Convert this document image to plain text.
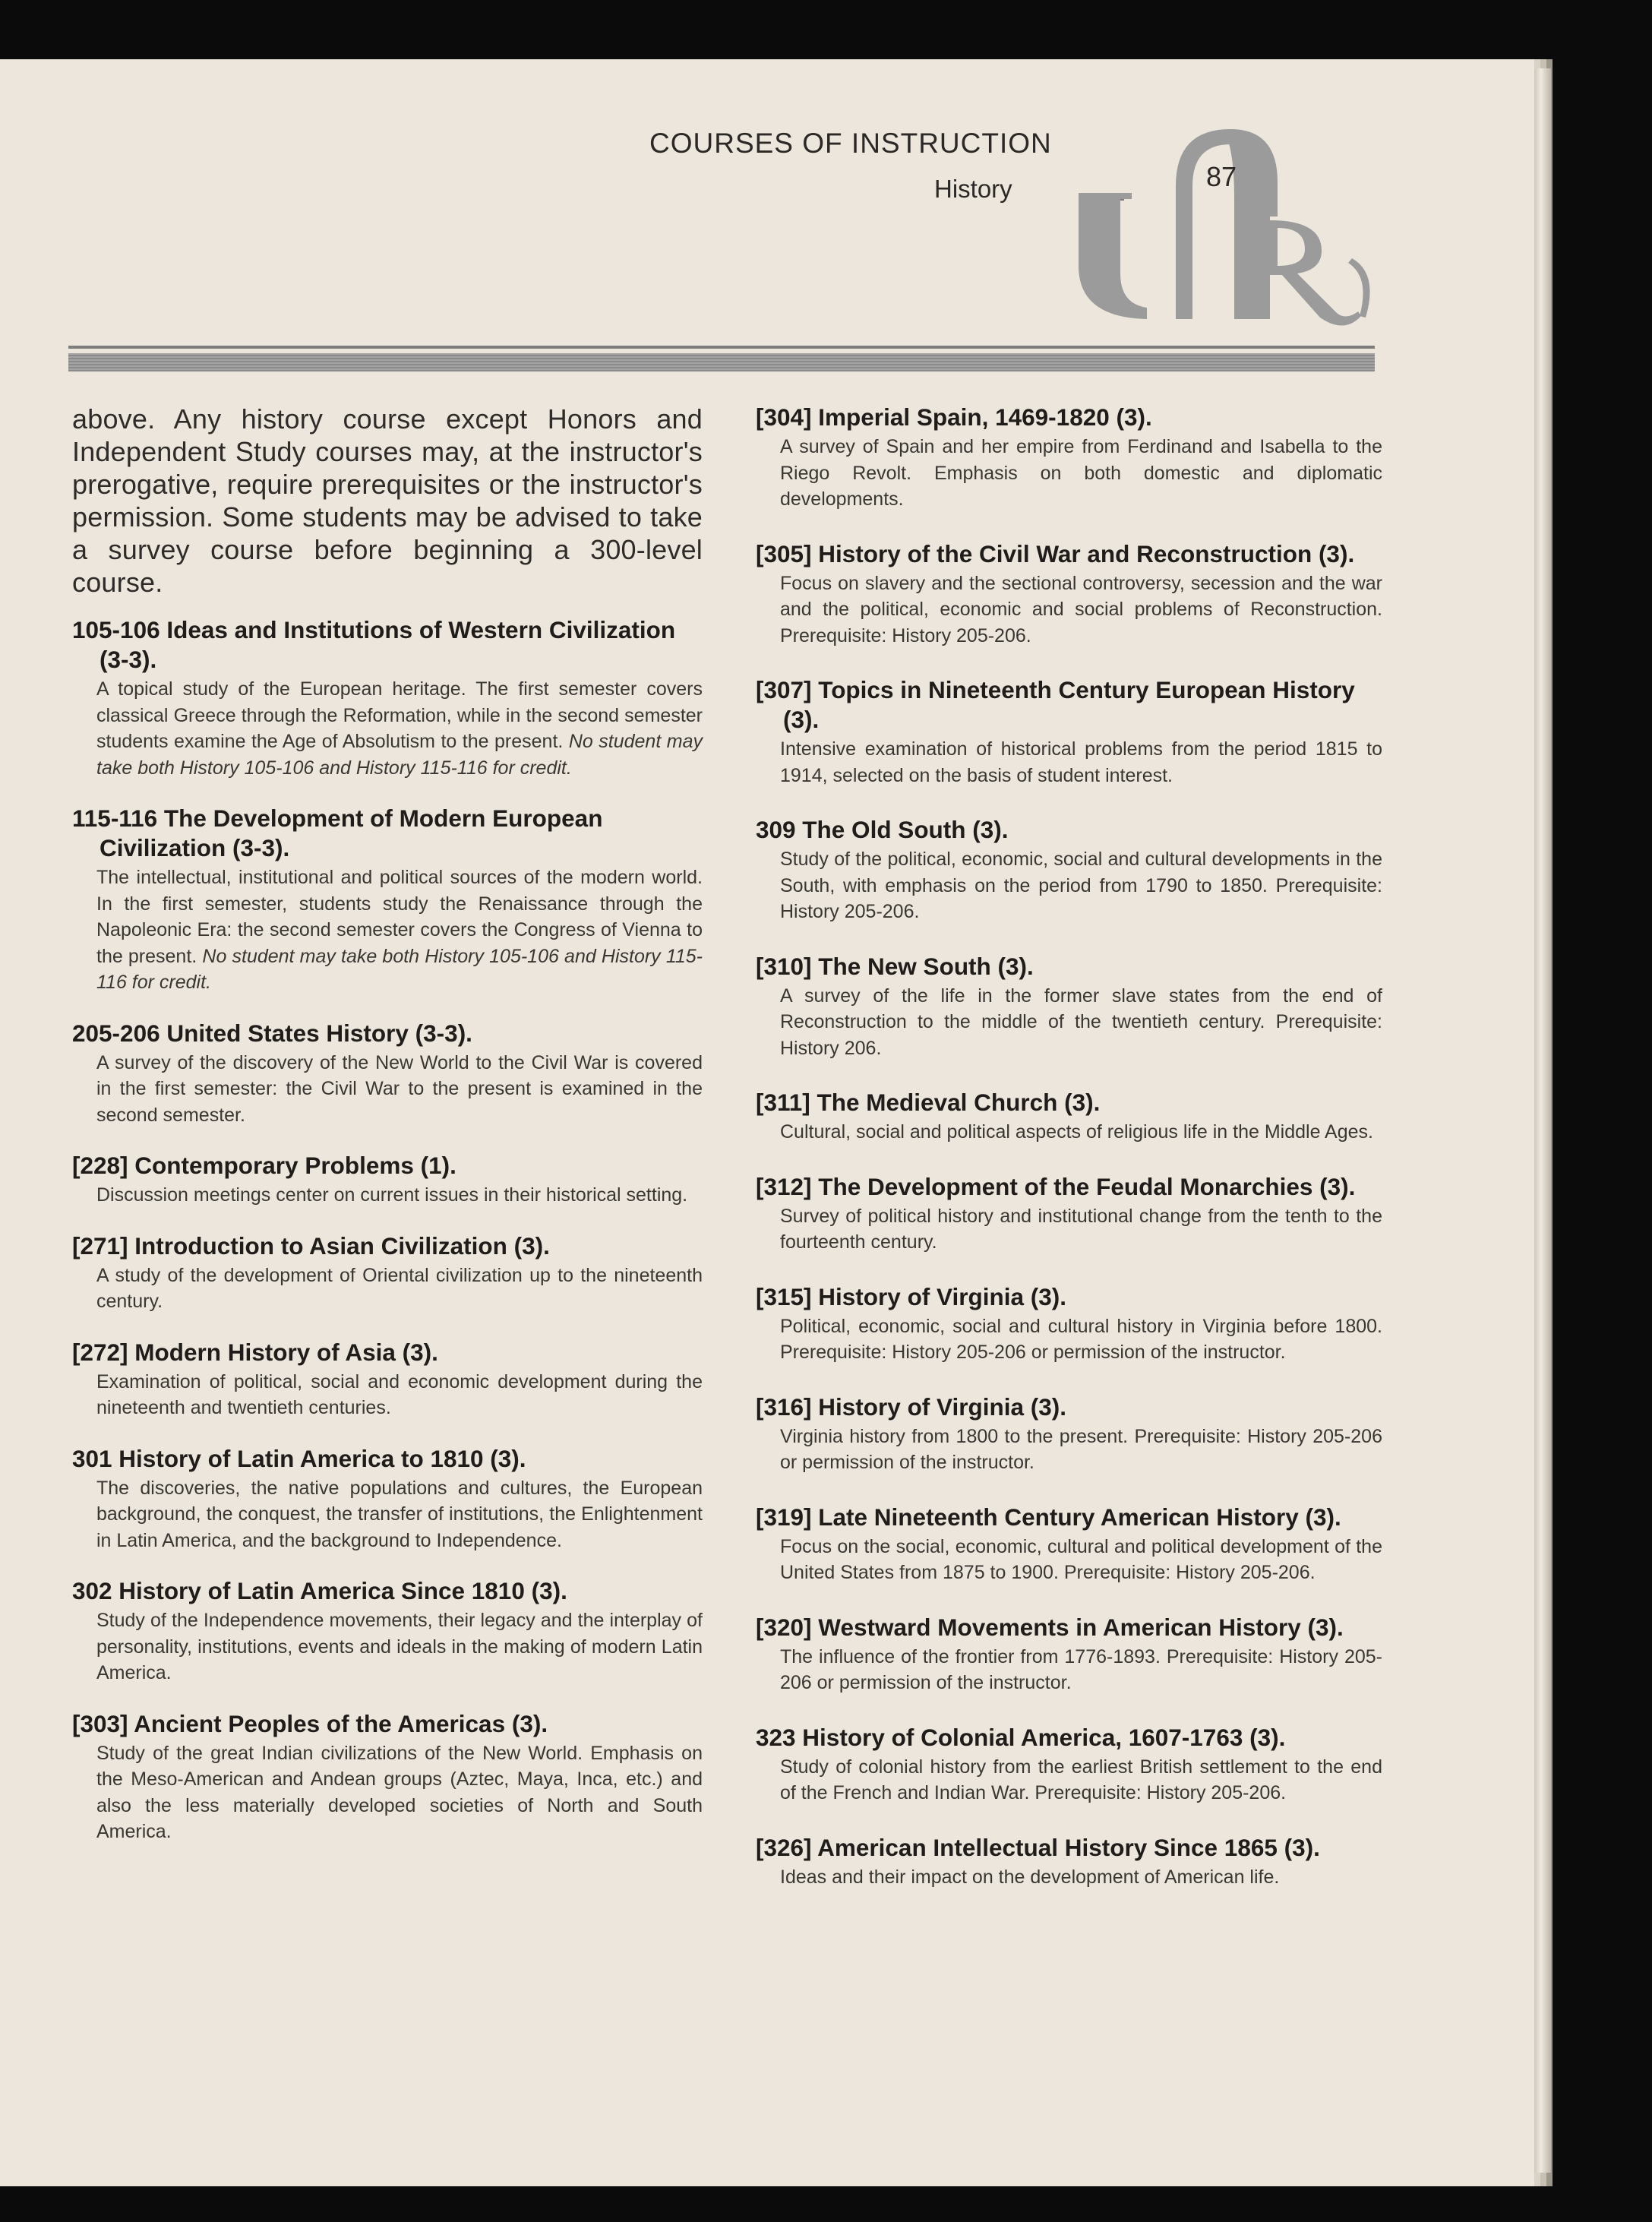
COURSES OF INSTRUCTION
History	87

above. Any history course except Honors and Independent Study courses may, at the instructor's prerogative, require prerequisites or the instructor's permission. Some students may be advised to take a survey course before beginning a 300-level course.

105-106 Ideas and Institutions of Western Civilization (3-3).

A topical study of the European heritage. The first semester covers classical Greece through the Reformation, while in the second semester students examine the Age of Absolutism to the present. No student may take both History 105-106 and History 115-116 for credit.

115-116 The Development of Modern European Civilization (3-3).

The intellectual, institutional and political sources of the modern world. In the first semester, students study the Renaissance through the Napoleonic Era: the second semester covers the Congress of Vienna to the present. No student may take both History 105-106 and History 115-116 for credit.

205-206 United States History (3-3).

A survey of the discovery of the New World to the Civil War is covered in the first semester: the Civil War to the present is examined in the second semester.

[228] Contemporary Problems (1).

Discussion meetings center on current issues in their historical setting.

[271] Introduction to Asian Civilization (3).

A study of the development of Oriental civilization up to the nineteenth century.

[272] Modern History of Asia (3).

Examination of political, social and economic development during the nineteenth and twentieth centuries.

301 History of Latin America to 1810 (3).

The discoveries, the native populations and cultures, the European background, the conquest, the transfer of institutions, the Enlightenment in Latin America, and the background to Independence.

302 History of Latin America Since 1810 (3).

Study of the Independence movements, their legacy and the interplay of personality, institutions, events and ideals in the making of modern Latin America.

[303] Ancient Peoples of the Americas (3).

Study of the great Indian civilizations of the New World. Emphasis on the Meso-American and Andean groups (Aztec, Maya, Inca, etc.) and also the less materially developed societies of North and South America.

[304] Imperial Spain, 1469-1820 (3).

A survey of Spain and her empire from Ferdinand and Isabella to the Riego Revolt. Emphasis on both domestic and diplomatic developments.

[305] History of the Civil War and Reconstruction (3).

Focus on slavery and the sectional controversy, secession and the war and the political, economic and social problems of Reconstruction. Prerequisite: History 205-206.

[307] Topics in Nineteenth Century European History (3).

Intensive examination of historical problems from the period 1815 to 1914, selected on the basis of student interest.

309 The Old South (3).

Study of the political, economic, social and cultural developments in the South, with emphasis on the period from 1790 to 1850. Prerequisite: History 205-206.

[310] The New South (3).

A survey of the life in the former slave states from the end of Reconstruction to the middle of the twentieth century. Prerequisite: History 206.

[311] The Medieval Church (3).

Cultural, social and political aspects of religious life in the Middle Ages.

[312] The Development of the Feudal Monarchies (3).

Survey of political history and institutional change from the tenth to the fourteenth century.

[315] History of Virginia (3).

Political, economic, social and cultural history in Virginia before 1800. Prerequisite: History 205-206 or permission of the instructor.

[316] History of Virginia (3).

Virginia history from 1800 to the present. Prerequisite: History 205-206 or permission of the instructor.

[319] Late Nineteenth Century American History (3).

Focus on the social, economic, cultural and political development of the United States from 1875 to 1900. Prerequisite: History 205-206.

[320] Westward Movements in American History (3).

The influence of the frontier from 1776-1893. Prerequisite: History 205-206 or permission of the instructor.

323 History of Colonial America, 1607-1763 (3).

Study of colonial history from the earliest British settlement to the end of the French and Indian War. Prerequisite: History 205-206.

[326] American Intellectual History Since 1865 (3).

Ideas and their impact on the development of American life.
